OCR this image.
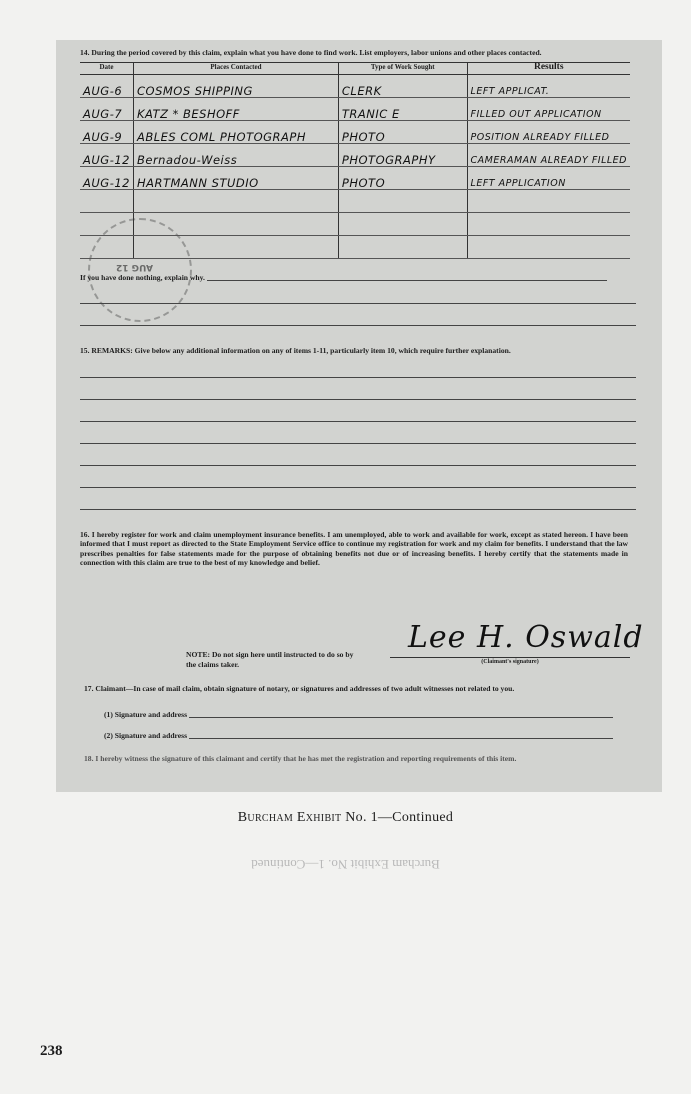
AUG 12
14. During the period covered by this claim, explain what you have done to find work. List employers, labor unions and other places contacted.
Date	Places Contacted	Type of Work Sought	Results
AUG-6	COSMOS SHIPPING	CLERK	LEFT APPLICAT.
AUG-7	KATZ * BESHOFF	TRANIC E	FILLED OUT APPLICATION
AUG-9	ABLES COML PHOTOGRAPH	PHOTO	POSITION ALREADY FILLED
AUG-12	Bernadou-Weiss	PHOTOGRAPHY	CAMERAMAN ALREADY FILLED
AUG-12	HARTMANN STUDIO	PHOTO	LEFT APPLICATION

If you have done nothing, explain why.
15. REMARKS: Give below any additional information on any of items 1-11, particularly item 10, which require further explanation.
16. I hereby register for work and claim unemployment insurance benefits. I am unemployed, able to work and available for work, except as stated hereon. I have been informed that I must report as directed to the State Employment Service office to continue my registration for work and my claim for benefits. I understand that the law prescribes penalties for false statements made for the purpose of obtaining benefits not due or of increasing benefits. I hereby certify that the statements made in connection with this claim are true to the best of my knowledge and belief.
NOTE: Do not sign here until instructed to do so by the claims taker.
Lee H. Oswald
(Claimant's signature)
17. Claimant—In case of mail claim, obtain signature of notary, or signatures and addresses of two adult witnesses not related to you.
(1) Signature and address
(2) Signature and address
18. I hereby witness the signature of this claimant and certify that he has met the registration and reporting requirements of this item.
Burcham Exhibit No. 1—Continued
Burcham Exhibit No. 1—Continued
238
